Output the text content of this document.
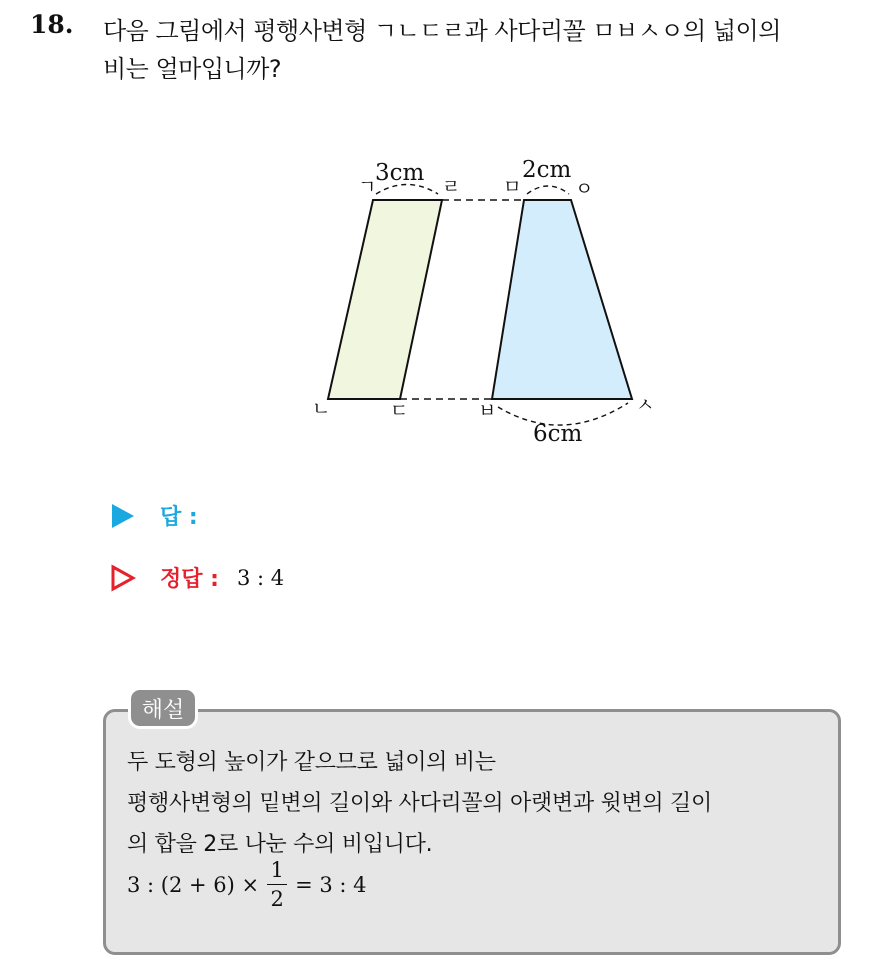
18. 다음 그림에서 평행사변형 ㄱㄴㄷㄹ과 사다리꼴 ㅁㅂㅅㅇ의 넓이의
비는 얼마입니까?
3cm	2cm
6cm
ㄱ	ㄹ
ㄴ	ㄷ
ㅁ	ㅇ
ㅂ	ㅅ
답 :
정답 : 3 : 4
해설
두 도형의 높이가 같으므로 넓이의 비는
평행사변형의 밑변의 길이와 사다리꼴의 아랫변과 윗변의 길이
의 합을 2로 나눈 수의 비입니다.
3 : $(2 + 6) \times \frac{1}{2} = 3$ : 4
